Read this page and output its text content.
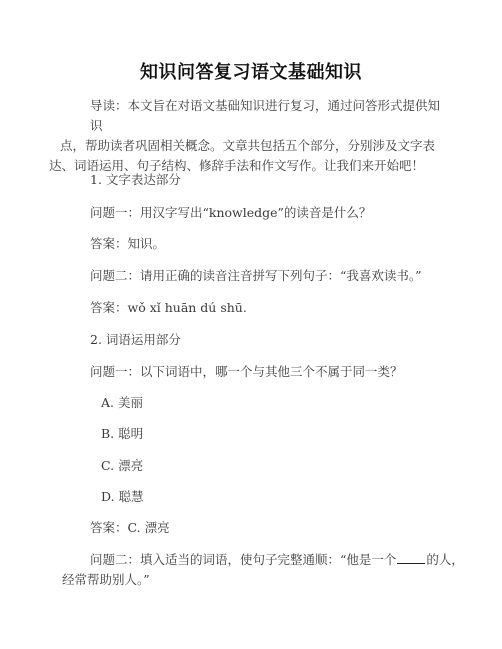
知识问答复习语文基础知识
导读：本文旨在对语文基础知识进行复习，通过问答形式提供知识
点，帮助读者巩固相关概念。文章共包括五个部分，分别涉及文字表
达、词语运用、句子结构、修辞手法和作文写作。让我们来开始吧！
1. 文字表达部分
问题一：用汉字写出“knowledge”的读音是什么？
答案：知识。
问题二：请用正确的读音注音拼写下列句子：“我喜欢读书。”
答案：wǒ xǐ huān dú shū.
2. 词语运用部分
问题一：以下词语中，哪一个与其他三个不属于同一类？
A. 美丽
B. 聪明
C. 漂亮
D. 聪慧
答案：C. 漂亮
问题二：填入适当的词语，使句子完整通顺：“他是一个 的人，
经常帮助别人。”
